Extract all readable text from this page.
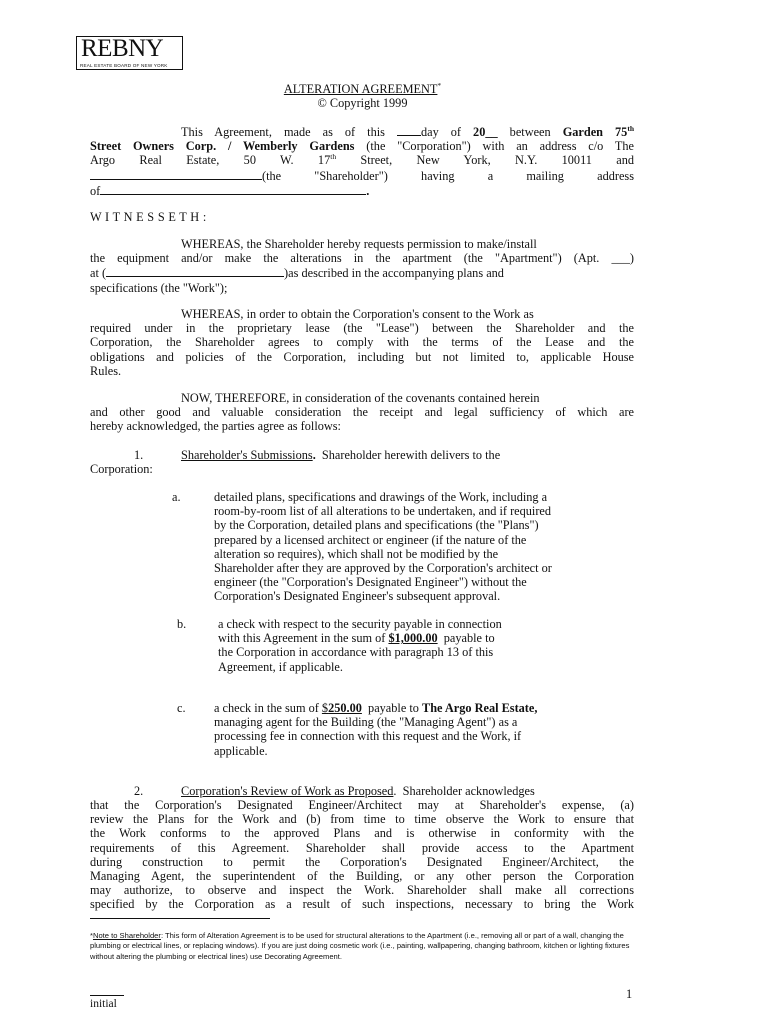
REBNY
REAL ESTATE BOARD OF NEW YORK
ALTERATION AGREEMENT*
© Copyright 1999

This Agreement, made as of this day of 20__ between Garden 75th

Street Owners Corp. / Wemberly Gardens (the "Corporation") with an address c/o The

Argo Real Estate, 50 W. 17th Street, New York, N.Y. 10011 and

(the "Shareholder") having a mailing address

of	.

W I T N E S S E T H :

WHEREAS, the Shareholder hereby requests permission to make/install

the equipment and/or make the alterations in the apartment (the "Apartment") (Apt. ___)

at (	)as described in the accompanying plans and

specifications (the "Work");

WHEREAS, in order to obtain the Corporation's consent to the Work as

required under in the proprietary lease (the "Lease") between the Shareholder and the

Corporation, the Shareholder agrees to comply with the terms of the Lease and the

obligations and policies of the Corporation, including but not limited to, applicable House

Rules.

NOW, THEREFORE, in consideration of the covenants contained herein

and other good and valuable consideration the receipt and legal sufficiency of which are

hereby acknowledged, the parties agree as follows:

1.	Shareholder's Submissions. Shareholder herewith delivers to the
Corporation:
a.	detailed plans, specifications and drawings of the Work, including a
room-by-room list of all alterations to be undertaken, and if required
by the Corporation, detailed plans and specifications (the "Plans")
prepared by a licensed architect or engineer (if the nature of the
alteration so requires), which shall not be modified by the
Shareholder after they are approved by the Corporation's architect or
engineer (the "Corporation's Designated Engineer") without the
Corporation's Designated Engineer's subsequent approval.
b.	a check with respect to the security payable in connection
with this Agreement in the sum of $1,000.00  payable to
the Corporation in accordance with paragraph 13 of this
Agreement, if applicable.
c. a check in the sum of $250.00  payable to The Argo Real Estate,
managing agent for the Building (the "Managing Agent") as a
processing fee in connection with this request and the Work, if
applicable.
2.	Corporation's Review of Work as Proposed.  Shareholder acknowledges

that the Corporation's Designated Engineer/Architect may at Shareholder's expense, (a)

review the Plans for the Work and (b) from time to time observe the Work to ensure that

the Work conforms to the approved Plans and is otherwise in conformity with the

requirements of this Agreement. Shareholder shall provide access to the Apartment

during construction to permit the Corporation's Designated Engineer/Architect, the

Managing Agent, the superintendent of the Building, or any other person the Corporation

may authorize, to observe and inspect the Work. Shareholder shall make all corrections

specified by the Corporation as a result of such inspections, necessary to bring the Work

*Note to Shareholder: This form of Alteration Agreement is to be used for structural alterations to the Apartment (i.e., removing all or part of a wall, changing the plumbing or electrical lines, or replacing windows). If you are just doing cosmetic work (i.e., painting, wallpapering, changing bathroom, kitchen or lighting fixtures without altering the plumbing or electrical lines) use Decorating Agreement.
1
initial
